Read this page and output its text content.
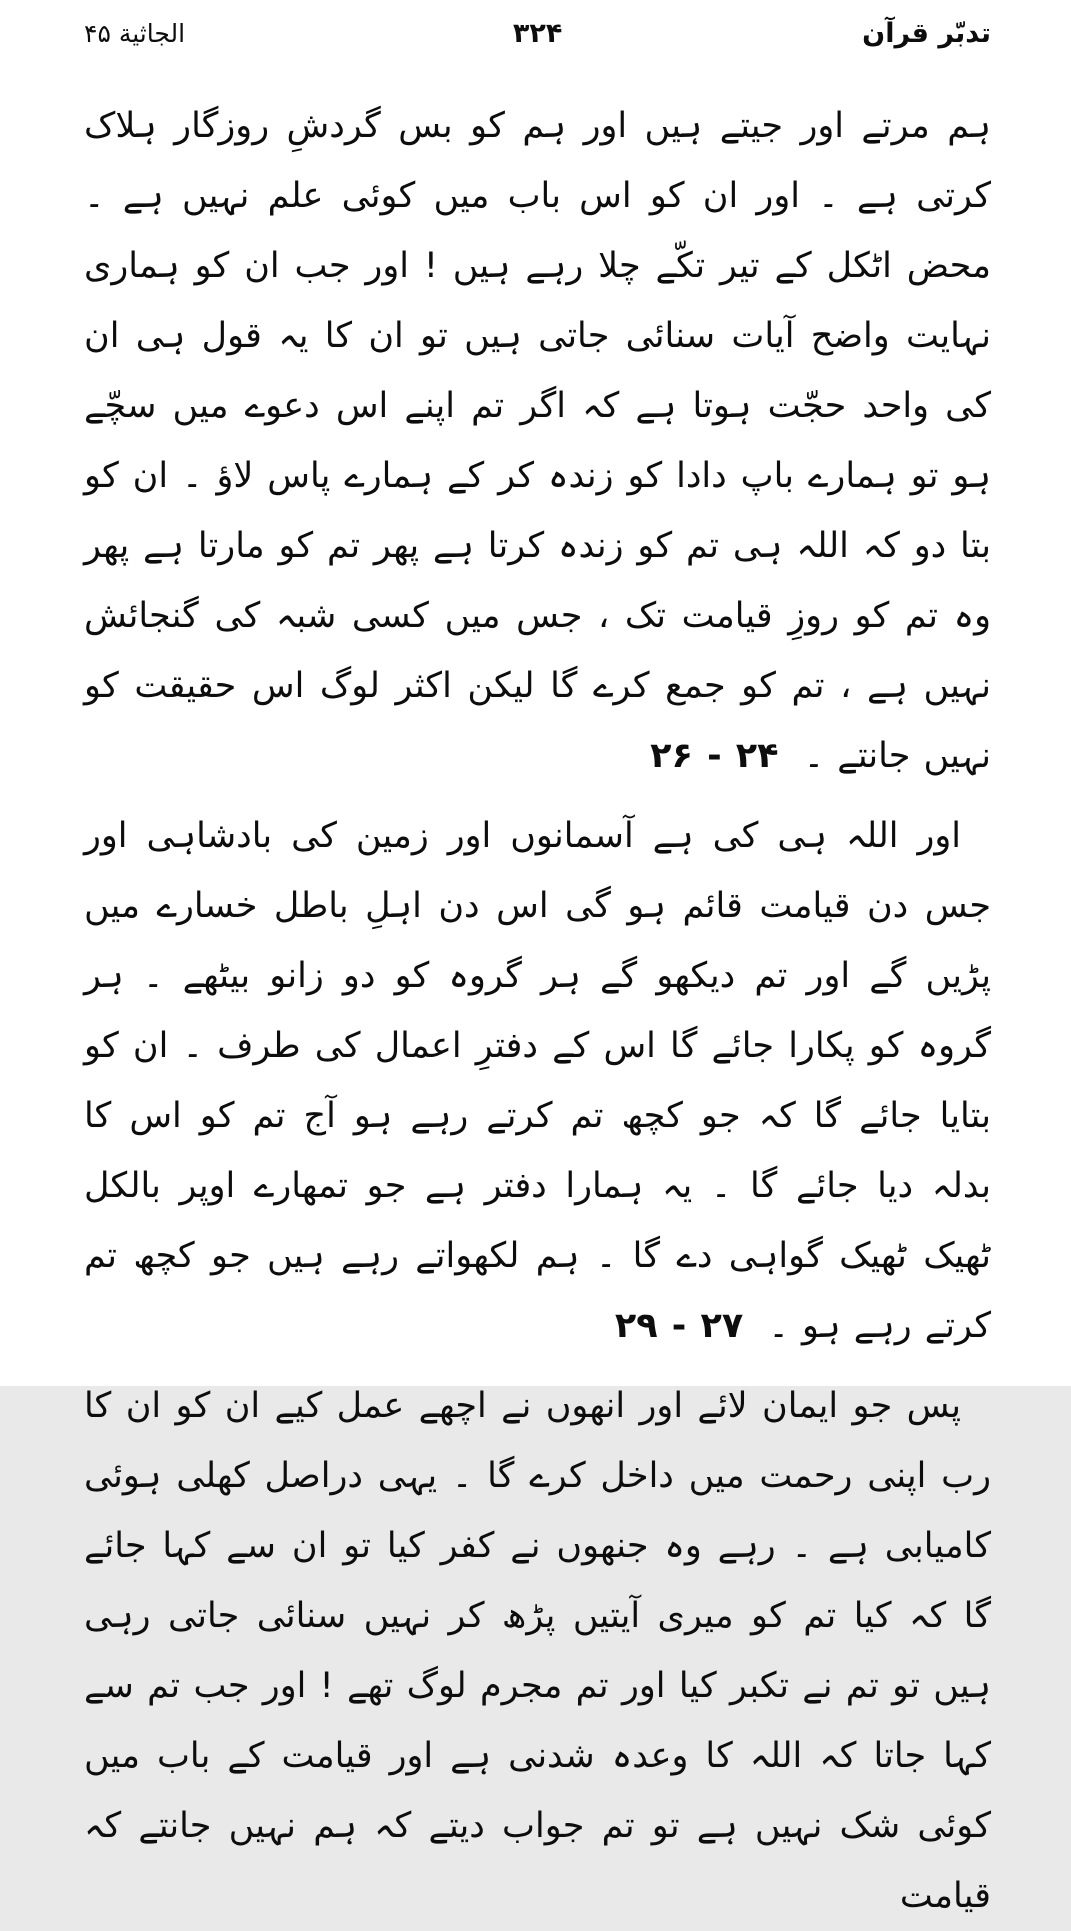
تدبّر قرآن
۳۲۴
الجاثیة ۴۵

ہم مرتے اور جیتے ہیں اور ہم کو بس گردشِ روزگار ہلاک کرتی ہے ۔ اور ان کو اس باب میں کوئی علم نہیں ہے ۔ محض اٹکل کے تیر تکّے چلا رہے ہیں ! اور جب ان کو ہماری نہایت واضح آیات سنائی جاتی ہیں تو ان کا یہ قول ہی ان کی واحد حجّت ہوتا ہے کہ اگر تم اپنے اس دعوے میں سچّے ہو تو ہمارے باپ دادا کو زندہ کر کے ہمارے پاس لاؤ ۔ ان کو بتا دو کہ اللہ ہی تم کو زندہ کرتا ہے پھر تم کو مارتا ہے پھر وہ تم کو روزِ قیامت تک ، جس میں کسی شبہ کی گنجائش نہیں ہے ، تم کو جمع کرے گا لیکن اکثر لوگ اس حقیقت کو نہیں جانتے ۔ ۲۴ - ۲۶

اور اللہ ہی کی ہے آسمانوں اور زمین کی بادشاہی اور جس دن قیامت قائم ہو گی اس دن اہلِ باطل خسارے میں پڑیں گے اور تم دیکھو گے ہر گروہ کو دو زانو بیٹھے ۔ ہر گروہ کو پکارا جائے گا اس کے دفترِ اعمال کی طرف ۔ ان کو بتایا جائے گا کہ جو کچھ تم کرتے رہے ہو آج تم کو اس کا بدلہ دیا جائے گا ۔ یہ ہمارا دفتر ہے جو تمھارے اوپر بالکل ٹھیک ٹھیک گواہی دے گا ۔ ہم لکھواتے رہے ہیں جو کچھ تم کرتے رہے ہو ۔ ۲۷ - ۲۹

پس جو ایمان لائے اور انھوں نے اچھے عمل کیے ان کو ان کا رب اپنی رحمت میں داخل کرے گا ۔ یہی دراصل کھلی ہوئی کامیابی ہے ۔ رہے وہ جنھوں نے کفر کیا تو ان سے کہا جائے گا کہ کیا تم کو میری آیتیں پڑھ کر نہیں سنائی جاتی رہی ہیں تو تم نے تکبر کیا اور تم مجرم لوگ تھے ! اور جب تم سے کہا جاتا کہ اللہ کا وعدہ شدنی ہے اور قیامت کے باب میں کوئی شک نہیں ہے تو تم جواب دیتے کہ ہم نہیں جانتے کہ قیامت
